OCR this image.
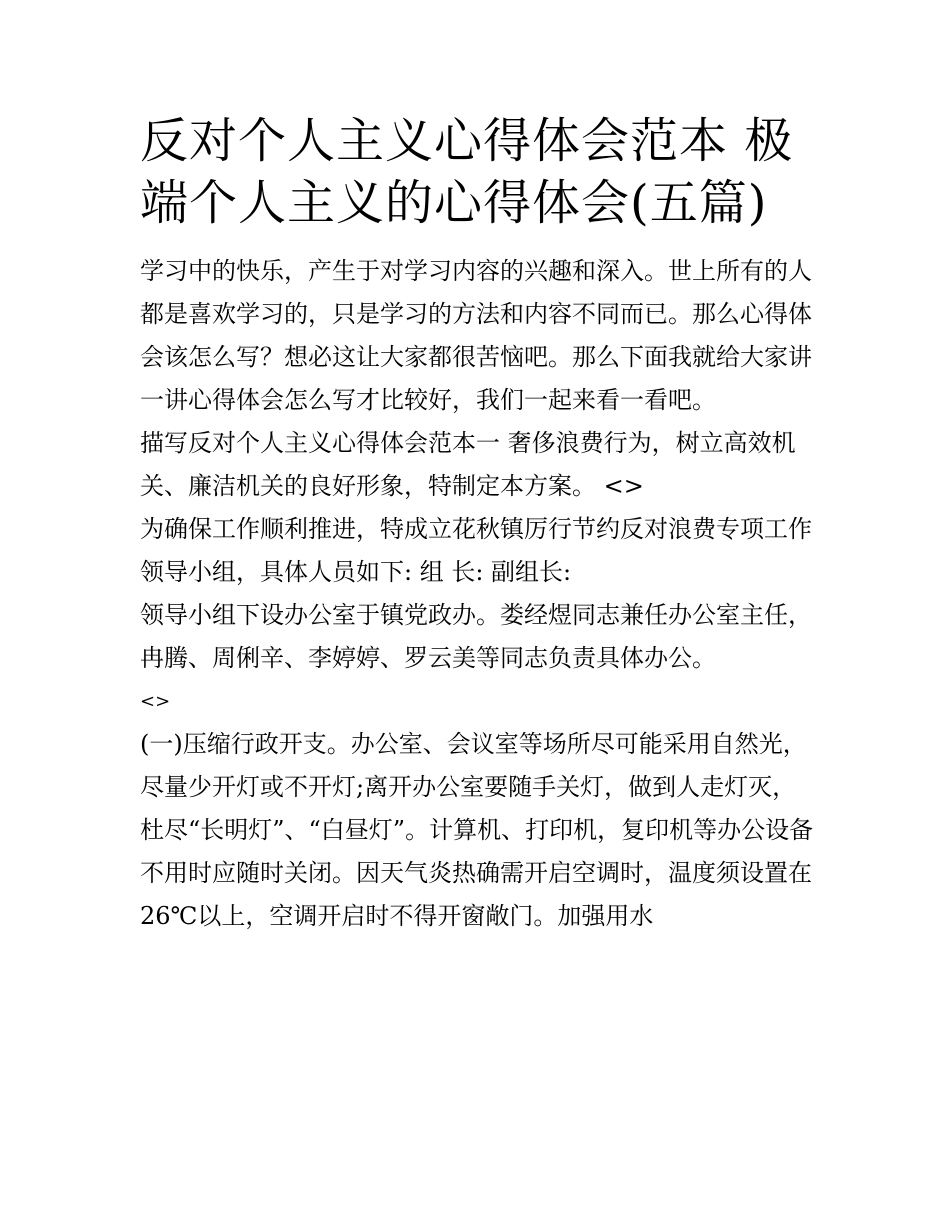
反对个人主义心得体会范本 极端个人主义的心得体会(五篇)

学习中的快乐，产生于对学习内容的兴趣和深入。世上所有的人都是喜欢学习的，只是学习的方法和内容不同而已。那么心得体会该怎么写？想必这让大家都很苦恼吧。那么下面我就给大家讲一讲心得体会怎么写才比较好，我们一起来看一看吧。

描写反对个人主义心得体会范本一 奢侈浪费行为，树立高效机关、廉洁机关的良好形象，特制定本方案。 <>

为确保工作顺利推进，特成立花秋镇厉行节约反对浪费专项工作领导小组，具体人员如下: 组 长: 副组长:

领导小组下设办公室于镇党政办。娄经煜同志兼任办公室主任，冉腾、周俐辛、李婷婷、罗云美等同志负责具体办公。

<>

(一)压缩行政开支。办公室、会议室等场所尽可能采用自然光，尽量少开灯或不开灯;离开办公室要随手关灯，做到人走灯灭，杜尽“长明灯”、“白昼灯”。计算机、打印机，复印机等办公设备不用时应随时关闭。因天气炎热确需开启空调时，温度须设置在26℃以上，空调开启时不得开窗敞门。加强用水
